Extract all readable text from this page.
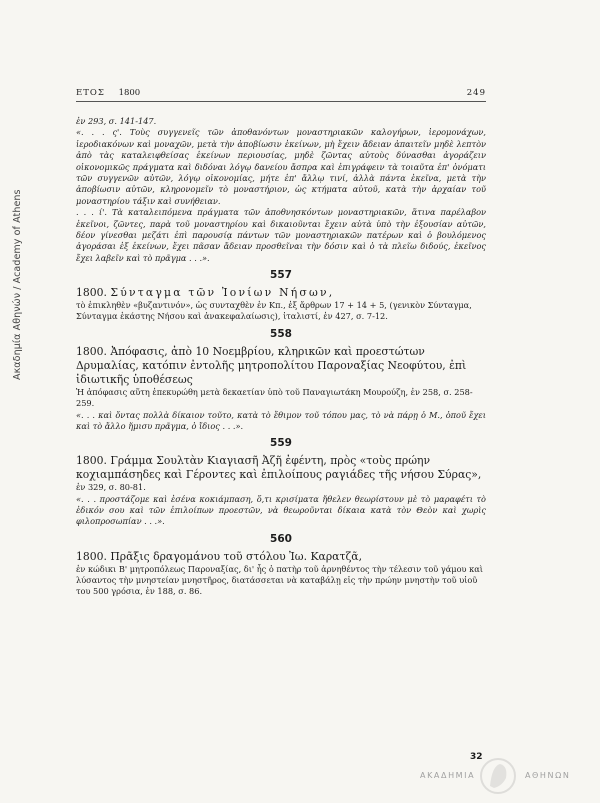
Ακαδημία Αθηνών / Academy of Athens
ΕΤΟΣ 1800	249

ἐν 293, σ. 141-147.

«. . . ς'. Τοὺς συγγενεῖς τῶν ἀποθανόντων μοναστηριακῶν καλογήρων, ἱερομονάχων, ἱεροδιακόνων καὶ μοναχῶν, μετὰ τὴν ἀποβίωσιν ἐκείνων, μὴ ἔχειν ἄδειαν ἀπαιτεῖν μηδὲ λεπτὸν ἀπὸ τὰς καταλειφθείσας ἐκείνων περιουσίας, μηδὲ ζῶντας αὐτοὺς δύνασθαι ἀγοράζειν οἰκονομικῶς πράγματα καὶ διδόναι λόγῳ δανείου ἄσπρα καὶ ἐπιγράφειν τὰ τοιαῦτα ἐπ' ὀνόματι τῶν συγγενῶν αὐτῶν, λόγῳ οἰκονομίας, μήτε ἐπ' ἄλλῳ τινί, ἀλλὰ πάντα ἐκεῖνα, μετὰ τὴν ἀποβίωσιν αὐτῶν, κληρονομεῖν τὸ μοναστήριον, ὡς κτήματα αὐτοῦ, κατὰ τὴν ἀρχαίαν τοῦ μοναστηρίου τάξιν καὶ συνήθειαν.

. . . ί'. Τὰ καταλειπόμενα πράγματα τῶν ἀποθνησκόντων μοναστηριακῶν, ἅτινα παρέλαβον ἐκεῖνοι, ζῶντες, παρὰ τοῦ μοναστηρίου καὶ δικαιοῦνται ἔχειν αὐτὰ ὑπὸ τὴν ἐξουσίαν αὐτῶν, δέον γίνεσθαι μεζάτι ἐπὶ παρουσίᾳ πάντων τῶν μοναστηριακῶν πατέρων καὶ ὁ βουλόμενος ἀγοράσαι ἐξ ἐκείνων, ἔχει πᾶσαν ἄδειαν προσθεῖναι τὴν δόσιν καὶ ὁ τὰ πλεῖω διδούς, ἐκεῖνος ἔχει λαβεῖν καὶ τὸ πρᾶγμα . . .».

557

1800. Σύνταγμα τῶν Ἰονίων Νήσων,

τὸ ἐπικληθὲν «βυζαντινόν», ὡς συνταχθὲν ἐν Κπ., ἐξ ἄρθρων 17 + 14 + 5, (γενικὸν Σύνταγμα, Σύνταγμα ἑκάστης Νήσου καὶ ἀνακεφαλαίωσις), ἰταλιστί, ἐν 427, σ. 7-12.

558

1800. Ἀπόφασις, ἀπὸ 10 Νοεμβρίου, κληρικῶν καὶ προεστώτων Δρυμαλίας, κατόπιν ἐντολῆς μητροπολίτου Παροναξίας Νεοφύτου, ἐπὶ ἰδιωτικῆς ὑποθέσεως

Ἡ ἀπόφασις αὕτη ἐπεκυρώθη μετὰ δεκαετίαν ὑπὸ τοῦ Παναγιωτάκη Μουρούζη, ἐν 258, σ. 258-259.

«. . . καὶ ὄντας πολλὰ δίκαιον τοῦτο, κατὰ τὸ ἔθιμον τοῦ τόπου μας, τὸ νὰ πάρῃ ὁ Μ., ὁποῦ ἔχει καὶ τὸ ἄλλο ἥμισυ πρᾶγμα, ὁ ἴδιος . . .».

559

1800. Γράμμα Σουλτὰν Κιαγιασῆ Ἀζῆ ἐφέντη, πρὸς «τοὺς πρώην κοχιαμπάσηδες καὶ Γέροντες καὶ ἐπιλοίπους ραγιάδες τῆς νήσου Σύρας»,

ἐν 329, σ. 80-81.

«. . . προστάζομε καὶ ἐσένα κοκιάμπαση, ὅ,τι κρισίματα ἤθελεν θεωρίστουν μὲ τὸ μαραφέτι τὸ ἐδικόν σου καὶ τῶν ἐπιλοίπων προεστῶν, νὰ θεωροῦνται δίκαια κατὰ τὸν Θεὸν καὶ χωρὶς φιλοπροσωπίαν . . .».

560

1800. Πρᾶξις δραγομάνου τοῦ στόλου Ἰω. Καρατζᾶ,

ἐν κώδικι Β' μητροπόλεως Παροναξίας, δι' ἧς ὁ πατὴρ τοῦ ἀρνηθέντος τὴν τέλεσιν τοῦ γάμου καὶ λύσαντος τὴν μνηστείαν μνηστῆρος, διατάσσεται νὰ καταβάλῃ εἰς τὴν πρώην μνηστὴν τοῦ υἱοῦ του 500 γρόσια, ἐν 188, σ. 86.

32
ΑΚΑΔΗΜΙΑ	ΑΘΗΝΩΝ
